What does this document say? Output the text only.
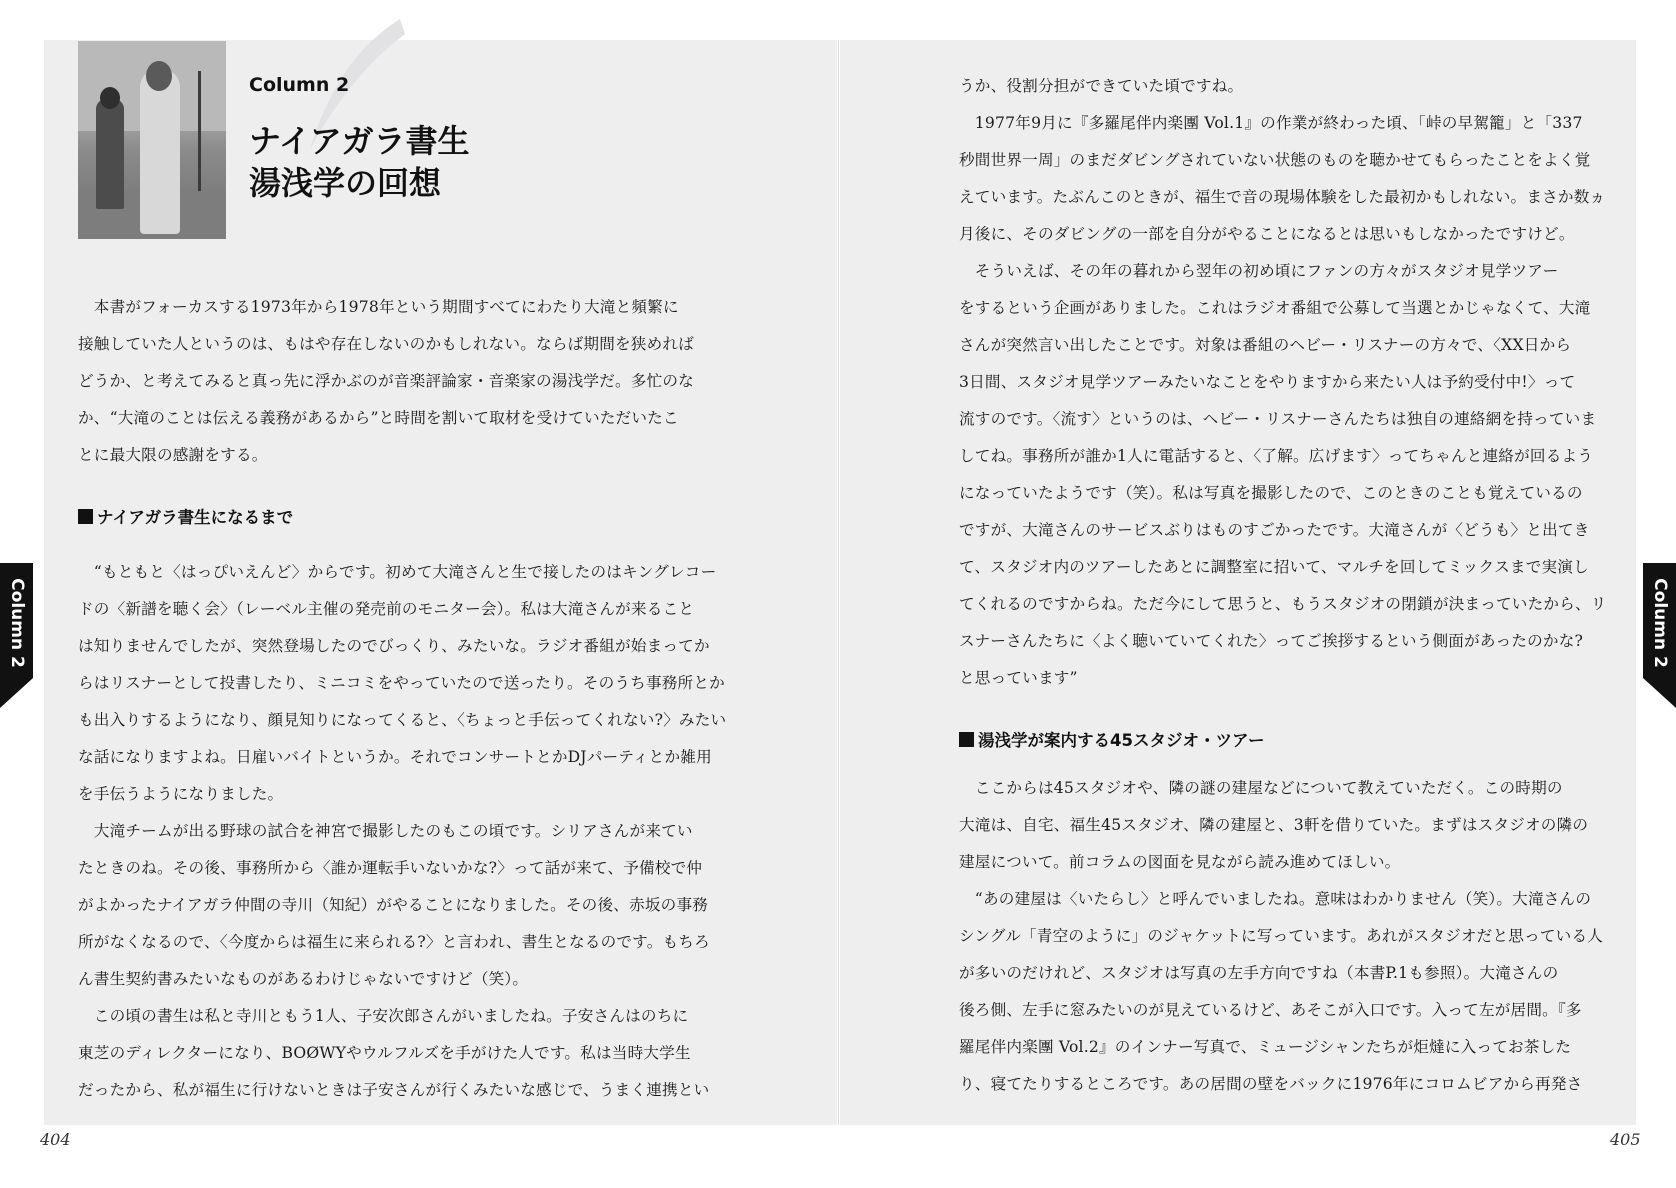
Column 2
ナイアガラ書生
湯浅学の回想
　本書がフォーカスする1973年から1978年という期間すべてにわたり大滝と頻繁に
接触していた人というのは、もはや存在しないのかもしれない。ならば期間を狭めれば
どうか、と考えてみると真っ先に浮かぶのが音楽評論家・音楽家の湯浅学だ。多忙のな
か、“大滝のことは伝える義務があるから”と時間を割いて取材を受けていただいたこ
とに最大限の感謝をする。
ナイアガラ書生になるまで
　“もともと〈はっぴいえんど〉からです。初めて大滝さんと生で接したのはキングレコー
ドの〈新譜を聴く会〉（レーベル主催の発売前のモニター会）。私は大滝さんが来ること
は知りませんでしたが、突然登場したのでびっくり、みたいな。ラジオ番組が始まってか
らはリスナーとして投書したり、ミニコミをやっていたので送ったり。そのうち事務所とか
も出入りするようになり、顔見知りになってくると、〈ちょっと手伝ってくれない?〉みたい
な話になりますよね。日雇いバイトというか。それでコンサートとかDJパーティとか雑用
を手伝うようになりました。
　大滝チームが出る野球の試合を神宮で撮影したのもこの頃です。シリアさんが来てい
たときのね。その後、事務所から〈誰か運転手いないかな?〉って話が来て、予備校で仲
がよかったナイアガラ仲間の寺川（知紀）がやることになりました。その後、赤坂の事務
所がなくなるので、〈今度からは福生に来られる?〉と言われ、書生となるのです。もちろ
ん書生契約書みたいなものがあるわけじゃないですけど（笑）。
　この頃の書生は私と寺川ともう1人、子安次郎さんがいましたね。子安さんはのちに
東芝のディレクターになり、BOØWYやウルフルズを手がけた人です。私は当時大学生
だったから、私が福生に行けないときは子安さんが行くみたいな感じで、うまく連携とい
404
うか、役割分担ができていた頃ですね。
　1977年9月に『多羅尾伴内楽團 Vol.1』の作業が終わった頃、「峠の早駕籠」と「337
秒間世界一周」のまだダビングされていない状態のものを聴かせてもらったことをよく覚
えています。たぶんこのときが、福生で音の現場体験をした最初かもしれない。まさか数ヵ
月後に、そのダビングの一部を自分がやることになるとは思いもしなかったですけど。
　そういえば、その年の暮れから翌年の初め頃にファンの方々がスタジオ見学ツアー
をするという企画がありました。これはラジオ番組で公募して当選とかじゃなくて、大滝
さんが突然言い出したことです。対象は番組のヘビー・リスナーの方々で、〈XX日から
3日間、スタジオ見学ツアーみたいなことをやりますから来たい人は予約受付中!〉って
流すのです。〈流す〉というのは、ヘビー・リスナーさんたちは独自の連絡網を持っていま
してね。事務所が誰か1人に電話すると、〈了解。広げます〉ってちゃんと連絡が回るよう
になっていたようです（笑）。私は写真を撮影したので、このときのことも覚えているの
ですが、大滝さんのサービスぶりはものすごかったです。大滝さんが〈どうも〉と出てき
て、スタジオ内のツアーしたあとに調整室に招いて、マルチを回してミックスまで実演し
てくれるのですからね。ただ今にして思うと、もうスタジオの閉鎖が決まっていたから、リ
スナーさんたちに〈よく聴いていてくれた〉ってご挨拶するという側面があったのかな?
と思っています”
湯浅学が案内する45スタジオ・ツアー
　ここからは45スタジオや、隣の謎の建屋などについて教えていただく。この時期の
大滝は、自宅、福生45スタジオ、隣の建屋と、3軒を借りていた。まずはスタジオの隣の
建屋について。前コラムの図面を見ながら読み進めてほしい。
　“あの建屋は〈いたらし〉と呼んでいましたね。意味はわかりません（笑）。大滝さんの
シングル「青空のように」のジャケットに写っています。あれがスタジオだと思っている人
が多いのだけれど、スタジオは写真の左手方向ですね（本書P.1も参照）。大滝さんの
後ろ側、左手に窓みたいのが見えているけど、あそこが入口です。入って左が居間。『多
羅尾伴内楽團 Vol.2』のインナー写真で、ミュージシャンたちが炬燵に入ってお茶した
り、寝てたりするところです。あの居間の壁をバックに1976年にコロムビアから再発さ
405
Column 2	Column 2
